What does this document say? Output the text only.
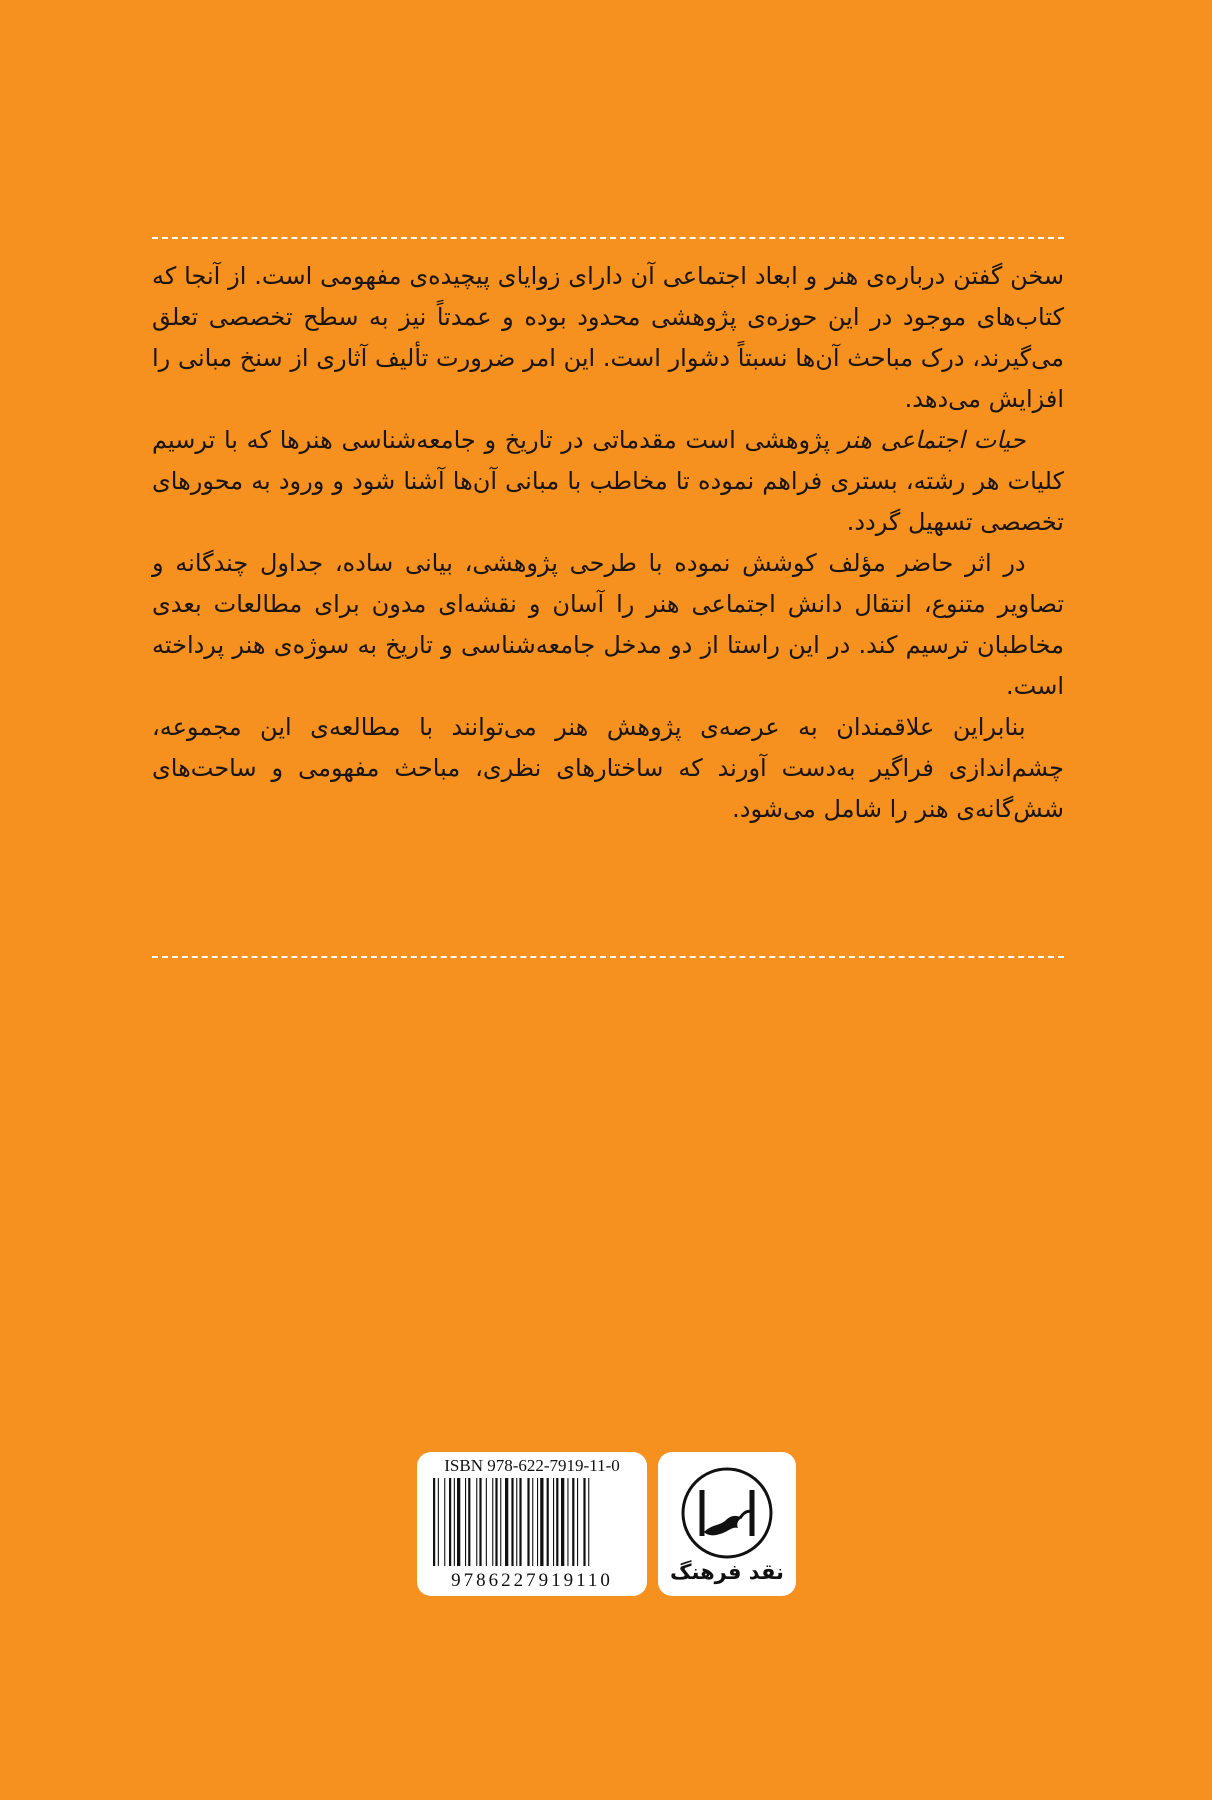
سخن گفتن درباره‌ی هنر و ابعاد اجتماعی آن دارای زوایای پیچیده‌ی مفهومی است. از آنجا که کتاب‌های موجود در این حوزه‌ی پژوهشی محدود بوده و عمدتاً نیز به سطح تخصصی تعلق می‌گیرند، درک مباحث آن‌ها نسبتاً دشوار است. این امر ضرورت تألیف آثاری از سنخ مبانی را افزایش می‌دهد.

حیات اجتماعی هنر پژوهشی است مقدماتی در تاریخ و جامعه‌شناسی هنرها که با ترسیم کلیات هر رشته، بستری فراهم نموده تا مخاطب با مبانی آن‌ها آشنا شود و ورود به محورهای تخصصی تسهیل گردد.

در اثر حاضر مؤلف کوشش نموده با طرحی پژوهشی، بیانی ساده، جداول چندگانه و تصاویر متنوع، انتقال دانش اجتماعی هنر را آسان و نقشه‌ای مدون برای مطالعات بعدی مخاطبان ترسیم کند. در این راستا از دو مدخل جامعه‌شناسی و تاریخ به سوژه‌ی هنر پرداخته است.

بنابراین علاقمندان به عرصه‌ی پژوهش هنر می‌توانند با مطالعه‌ی این مجموعه، چشم‌اندازی فراگیر به‌دست آورند که ساختارهای نظری، مباحث مفهومی و ساحت‌های شش‌گانه‌ی هنر را شامل می‌شود.

ISBN 978-622-7919-11-0
9786227919110	نقد فرهنگ
